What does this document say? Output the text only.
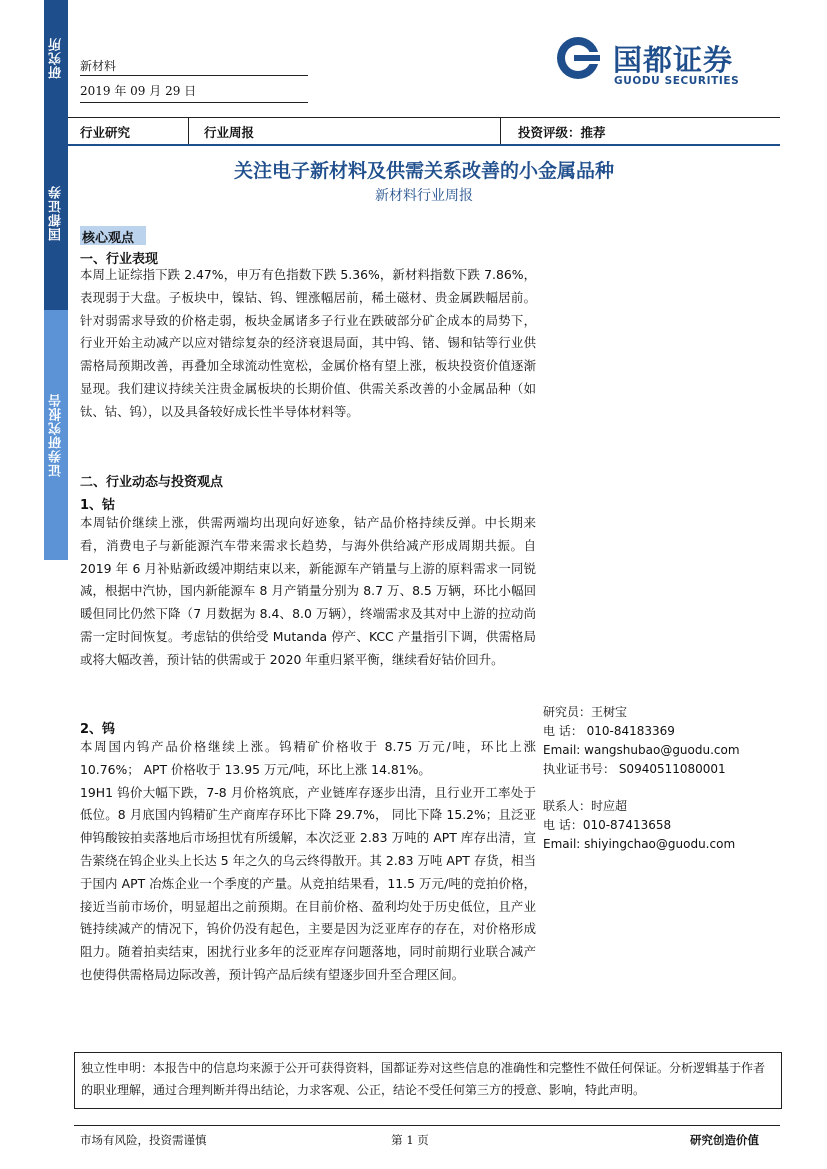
研究所
国都证券
证券研究报告
新材料
2019 年 09 月 29 日
国都证券
GUODU SECURITIES
行业研究	行业周报	投资评级：推荐
关注电子新材料及供需关系改善的小金属品种
新材料行业周报
核心观点
一、行业表现

本周上证综指下跌 2.47%，申万有色指数下跌 5.36%，新材料指数下跌 7.86%，表现弱于大盘。子板块中，镍钴、钨、锂涨幅居前，稀土磁材、贵金属跌幅居前。针对弱需求导致的价格走弱，板块金属诸多子行业在跌破部分矿企成本的局势下，行业开始主动减产以应对错综复杂的经济衰退局面，其中钨、锗、锡和钴等行业供需格局预期改善，再叠加全球流动性宽松，金属价格有望上涨，板块投资价值逐渐显现。我们建议持续关注贵金属板块的长期价值、供需关系改善的小金属品种（如钛、钴、钨），以及具备较好成长性半导体材料等。

二、行业动态与投资观点
1、钴

本周钴价继续上涨，供需两端均出现向好迹象，钴产品价格持续反弹。中长期来看，消费电子与新能源汽车带来需求长趋势，与海外供给减产形成周期共振。自 2019 年 6 月补贴新政缓冲期结束以来，新能源车产销量与上游的原料需求一同锐减，根据中汽协，国内新能源车 8 月产销量分别为 8.7 万、8.5 万辆，环比小幅回暖但同比仍然下降（7 月数据为 8.4、8.0 万辆），终端需求及其对中上游的拉动尚需一定时间恢复。考虑钴的供给受 Mutanda 停产、KCC 产量指引下调，供需格局或将大幅改善，预计钴的供需或于 2020 年重归紧平衡，继续看好钴价回升。

2、钨

本周国内钨产品价格继续上涨。钨精矿价格收于 8.75 万元/吨，环比上涨 10.76%； APT 价格收于 13.95 万元/吨，环比上涨 14.81%。

19H1 钨价大幅下跌，7-8 月价格筑底，产业链库存逐步出清，且行业开工率处于低位。8 月底国内钨精矿生产商库存环比下降 29.7%， 同比下降 15.2%；且泛亚伸钨酸铵拍卖落地后市场担忧有所缓解，本次泛亚 2.83 万吨的 APT 库存出清，宣告萦绕在钨企业头上长达 5 年之久的乌云终得散开。其 2.83 万吨 APT 存货，相当于国内 APT 冶炼企业一个季度的产量。从竞拍结果看，11.5 万元/吨的竞拍价格，接近当前市场价，明显超出之前预期。在目前价格、盈利均处于历史低位，且产业链持续减产的情况下，钨价仍没有起色，主要是因为泛亚库存的存在，对价格形成阻力。随着拍卖结束，困扰行业多年的泛亚库存问题落地，同时前期行业联合减产也使得供需格局边际改善，预计钨产品后续有望逐步回升至合理区间。

研究员：王树宝
电 话： 010-84183369
Email: wangshubao@guodu.com
执业证书号： S0940511080001
联系人：时应超
电 话：010-87413658
Email: shiyingchao@guodu.com
独立性申明：本报告中的信息均来源于公开可获得资料，国都证券对这些信息的准确性和完整性不做任何保证。分析逻辑基于作者的职业理解，通过合理判断并得出结论，力求客观、公正，结论不受任何第三方的授意、影响，特此声明。
市场有风险，投资需谨慎	第 1 页	研究创造价值
